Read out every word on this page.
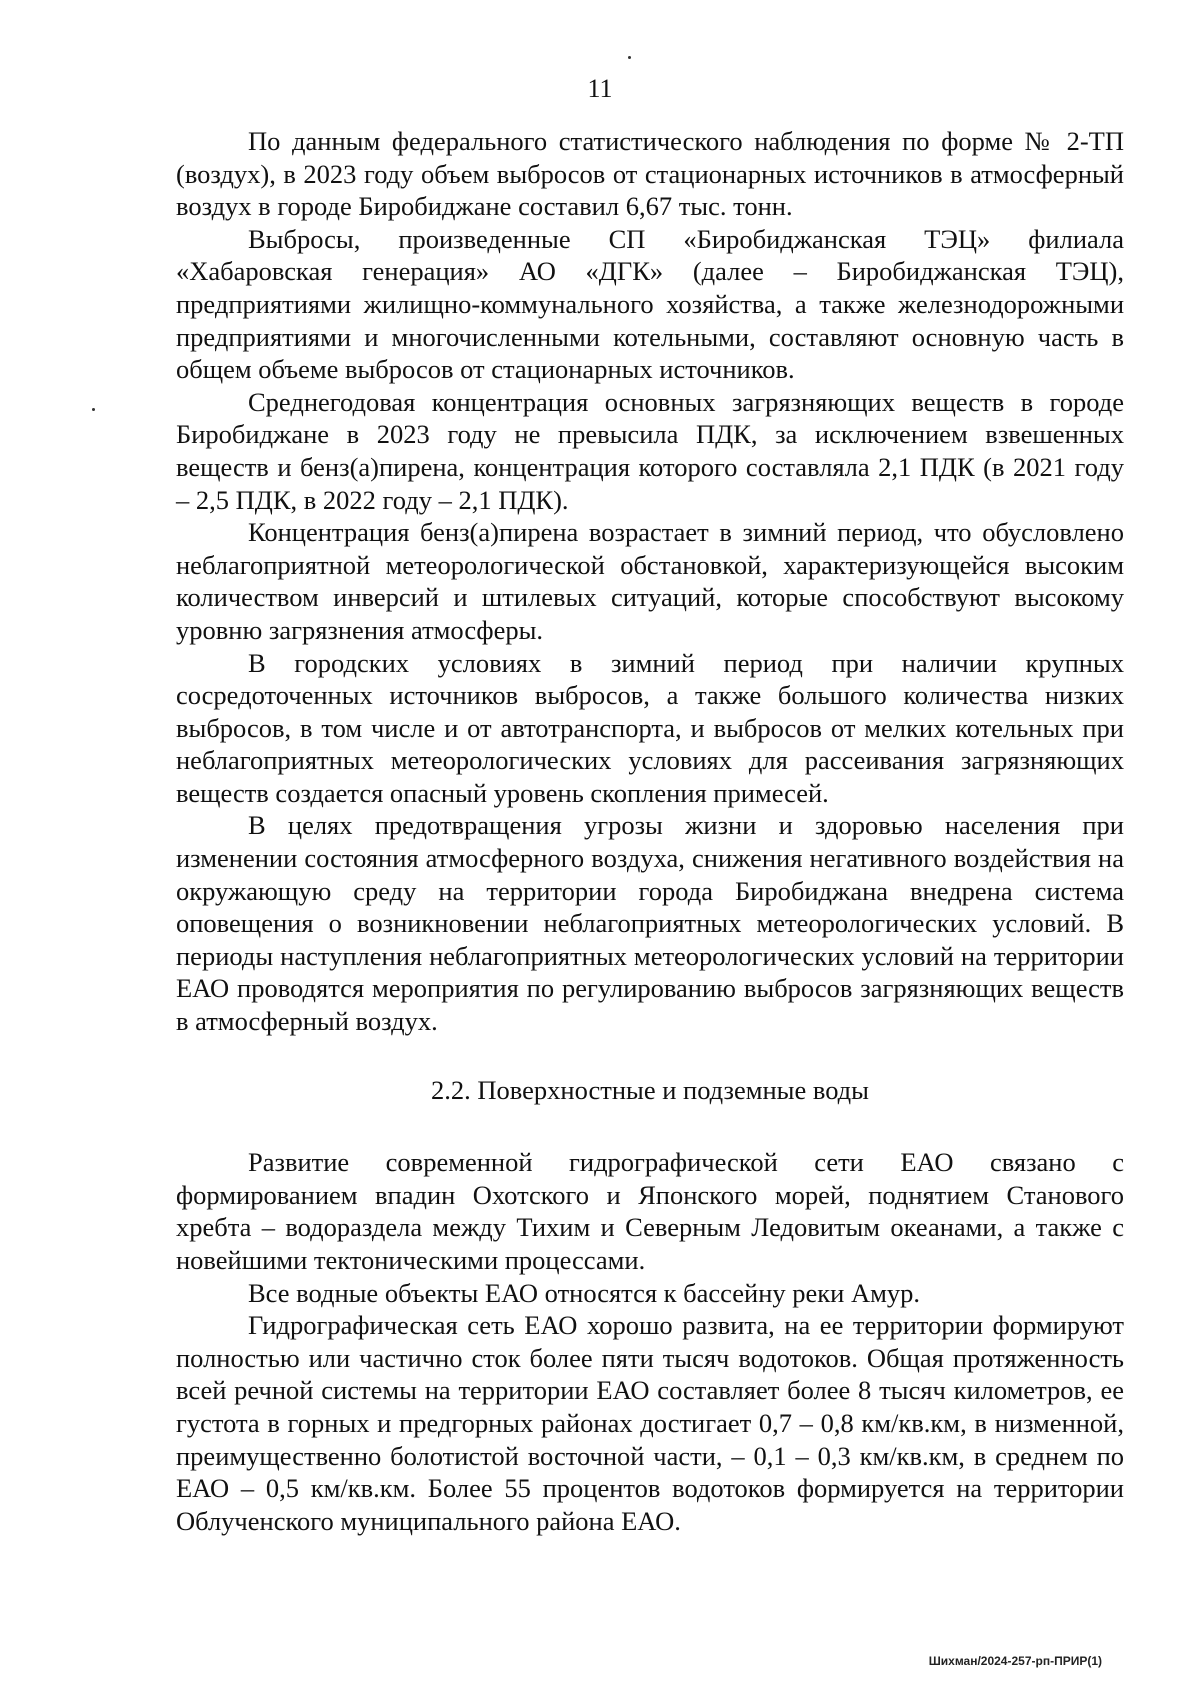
11

По данным федерального статистического наблюдения по форме № 2-ТП (воздух), в 2023 году объем выбросов от стационарных источников в атмосферный воздух в городе Биробиджане составил 6,67 тыс. тонн.

Выбросы, произведенные СП «Биробиджанская ТЭЦ» филиала «Хабаровская генерация» АО «ДГК» (далее – Биробиджанская ТЭЦ), предприятиями жилищно-коммунального хозяйства, а также железнодорожными предприятиями и многочисленными котельными, составляют основную часть в общем объеме выбросов от стационарных источников.

Среднегодовая концентрация основных загрязняющих веществ в городе Биробиджане в 2023 году не превысила ПДК, за исключением взвешенных веществ и бенз(а)пирена, концентрация которого составляла 2,1 ПДК (в 2021 году – 2,5 ПДК, в 2022 году – 2,1 ПДК).

Концентрация бенз(а)пирена возрастает в зимний период, что обусловлено неблагоприятной метеорологической обстановкой, характеризующейся высоким количеством инверсий и штилевых ситуаций, которые способствуют высокому уровню загрязнения атмосферы.

В городских условиях в зимний период при наличии крупных сосредоточенных источников выбросов, а также большого количества низких выбросов, в том числе и от автотранспорта, и выбросов от мелких котельных при неблагоприятных метеорологических условиях для рассеивания загрязняющих веществ создается опасный уровень скопления примесей.

В целях предотвращения угрозы жизни и здоровью населения при изменении состояния атмосферного воздуха, снижения негативного воздействия на окружающую среду на территории города Биробиджана внедрена система оповещения о возникновении неблагоприятных метеорологических условий. В периоды наступления неблагоприятных метеорологических условий на территории ЕАО проводятся мероприятия по регулированию выбросов загрязняющих веществ в атмосферный воздух.

2.2. Поверхностные и подземные воды

Развитие современной гидрографической сети ЕАО связано с формированием впадин Охотского и Японского морей, поднятием Станового хребта – водораздела между Тихим и Северным Ледовитым океанами, а также с новейшими тектоническими процессами.

Все водные объекты ЕАО относятся к бассейну реки Амур.

Гидрографическая сеть ЕАО хорошо развита, на ее территории формируют полностью или частично сток более пяти тысяч водотоков. Общая протяженность всей речной системы на территории ЕАО составляет более 8 тысяч километров, ее густота в горных и предгорных районах достигает 0,7 – 0,8 км/кв.км, в низменной, преимущественно болотистой восточной части, – 0,1 – 0,3 км/кв.км, в среднем по ЕАО – 0,5 км/кв.км. Более 55 процентов водотоков формируется на территории Облученского муниципального района ЕАО.

Шихман/2024-257-рп-ПРИР(1)
